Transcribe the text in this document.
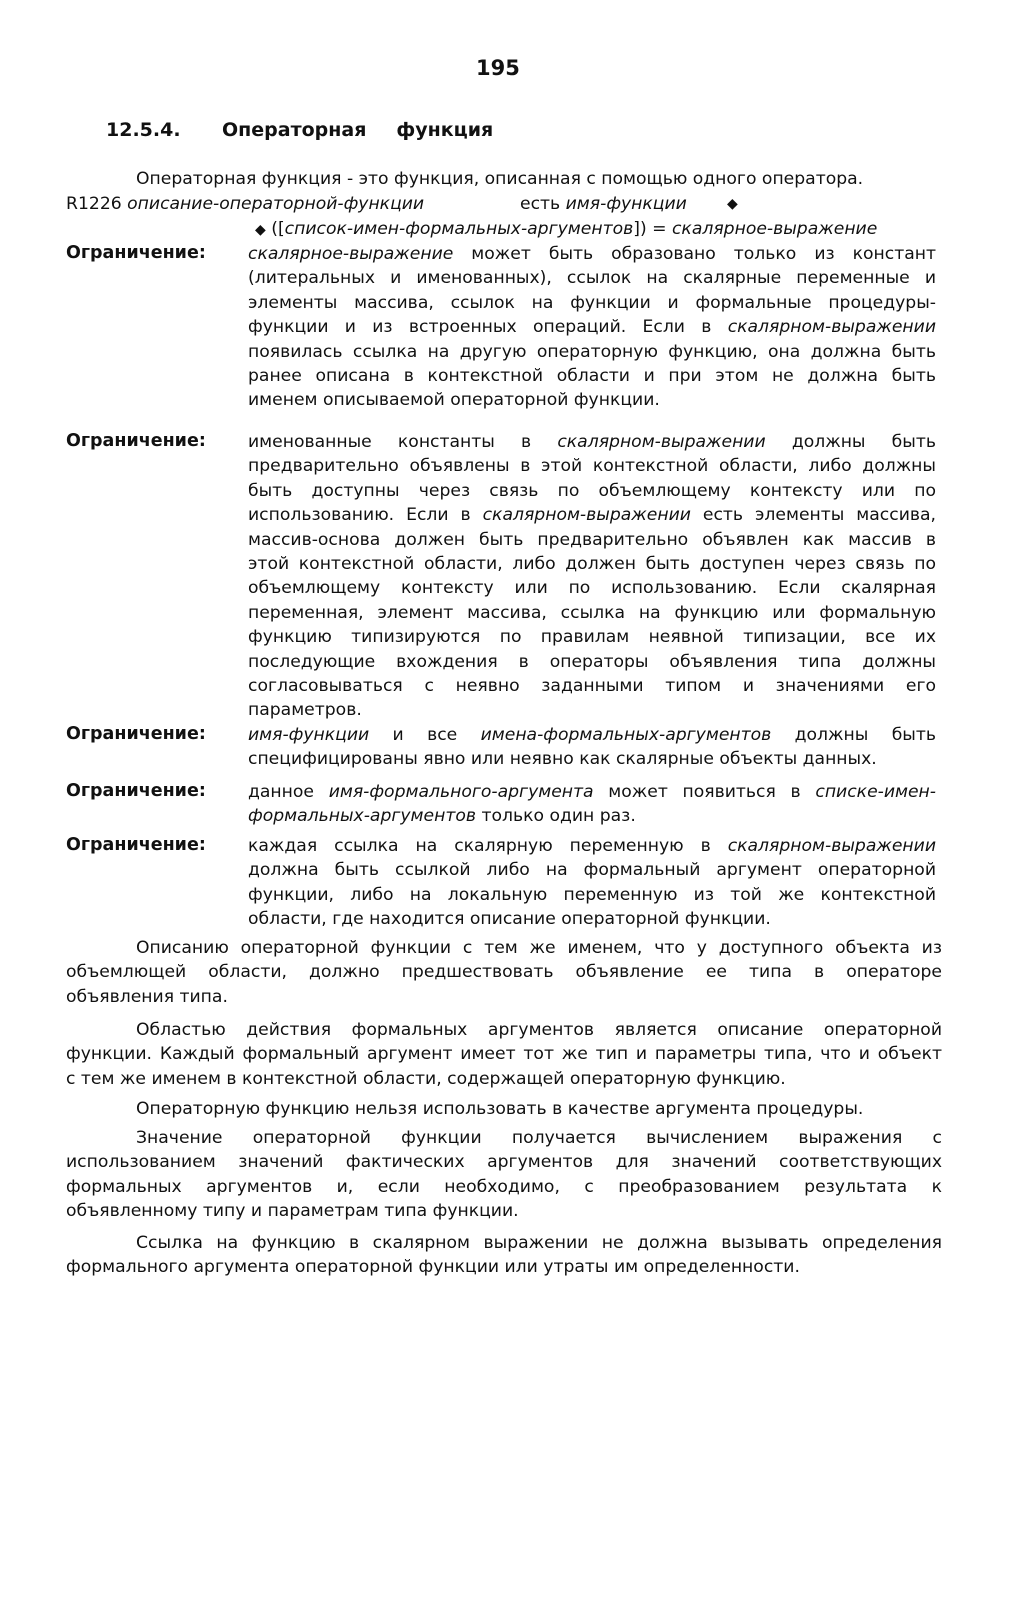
195
12.5.4. Операторная функция
Операторная функция - это функция, описанная с помощью одного оператора.
R1226 описание-операторной-функции	есть имя-функции	◆
◆ ([список-имен-формальных-аргументов]) = скалярное-выражение
Ограничение: скалярное-выражение может быть образовано только из констант
(литеральных и именованных), ссылок на скалярные переменные и
элементы массива, ссылок на функции и формальные процедуры-
функции и из встроенных операций. Если в скалярном-выражении
появилась ссылка на другую операторную функцию, она должна быть
ранее описана в контекстной области и при этом не должна быть
именем описываемой операторной функции.
Ограничение: именованные константы в скалярном-выражении должны быть
предварительно объявлены в этой контекстной области, либо должны
быть доступны через связь по объемлющему контексту или по
использованию. Если в скалярном-выражении есть элементы массива,
массив-основа должен быть предварительно объявлен как массив в
этой контекстной области, либо должен быть доступен через связь по
объемлющему контексту или по использованию. Если скалярная
переменная, элемент массива, ссылка на функцию или формальную
функцию типизируются по правилам неявной типизации, все их
последующие вхождения в операторы объявления типа должны
согласовываться с неявно заданными типом и значениями его
параметров.
Ограничение: имя-функции и все имена-формальных-аргументов должны быть
специфицированы явно или неявно как скалярные объекты данных.
Ограничение: данное имя-формального-аргумента может появиться в списке-имен-
формальных-аргументов только один раз.
Ограничение: каждая ссылка на скалярную переменную в скалярном-выражении
должна быть ссылкой либо на формальный аргумент операторной
функции, либо на локальную переменную из той же контекстной
области, где находится описание операторной функции.
Описанию операторной функции с тем же именем, что у доступного объекта из
объемлющей области, должно предшествовать объявление ее типа в операторе
объявления типа.
Областью действия формальных аргументов является описание операторной
функции. Каждый формальный аргумент имеет тот же тип и параметры типа, что и объект
с тем же именем в контекстной области, содержащей операторную функцию.
Операторную функцию нельзя использовать в качестве аргумента процедуры.
Значение операторной функции получается вычислением выражения с
использованием значений фактических аргументов для значений соответствующих
формальных аргументов и, если необходимо, с преобразованием результата к
объявленному типу и параметрам типа функции.
Ссылка на функцию в скалярном выражении не должна вызывать определения
формального аргумента операторной функции или утраты им определенности.
